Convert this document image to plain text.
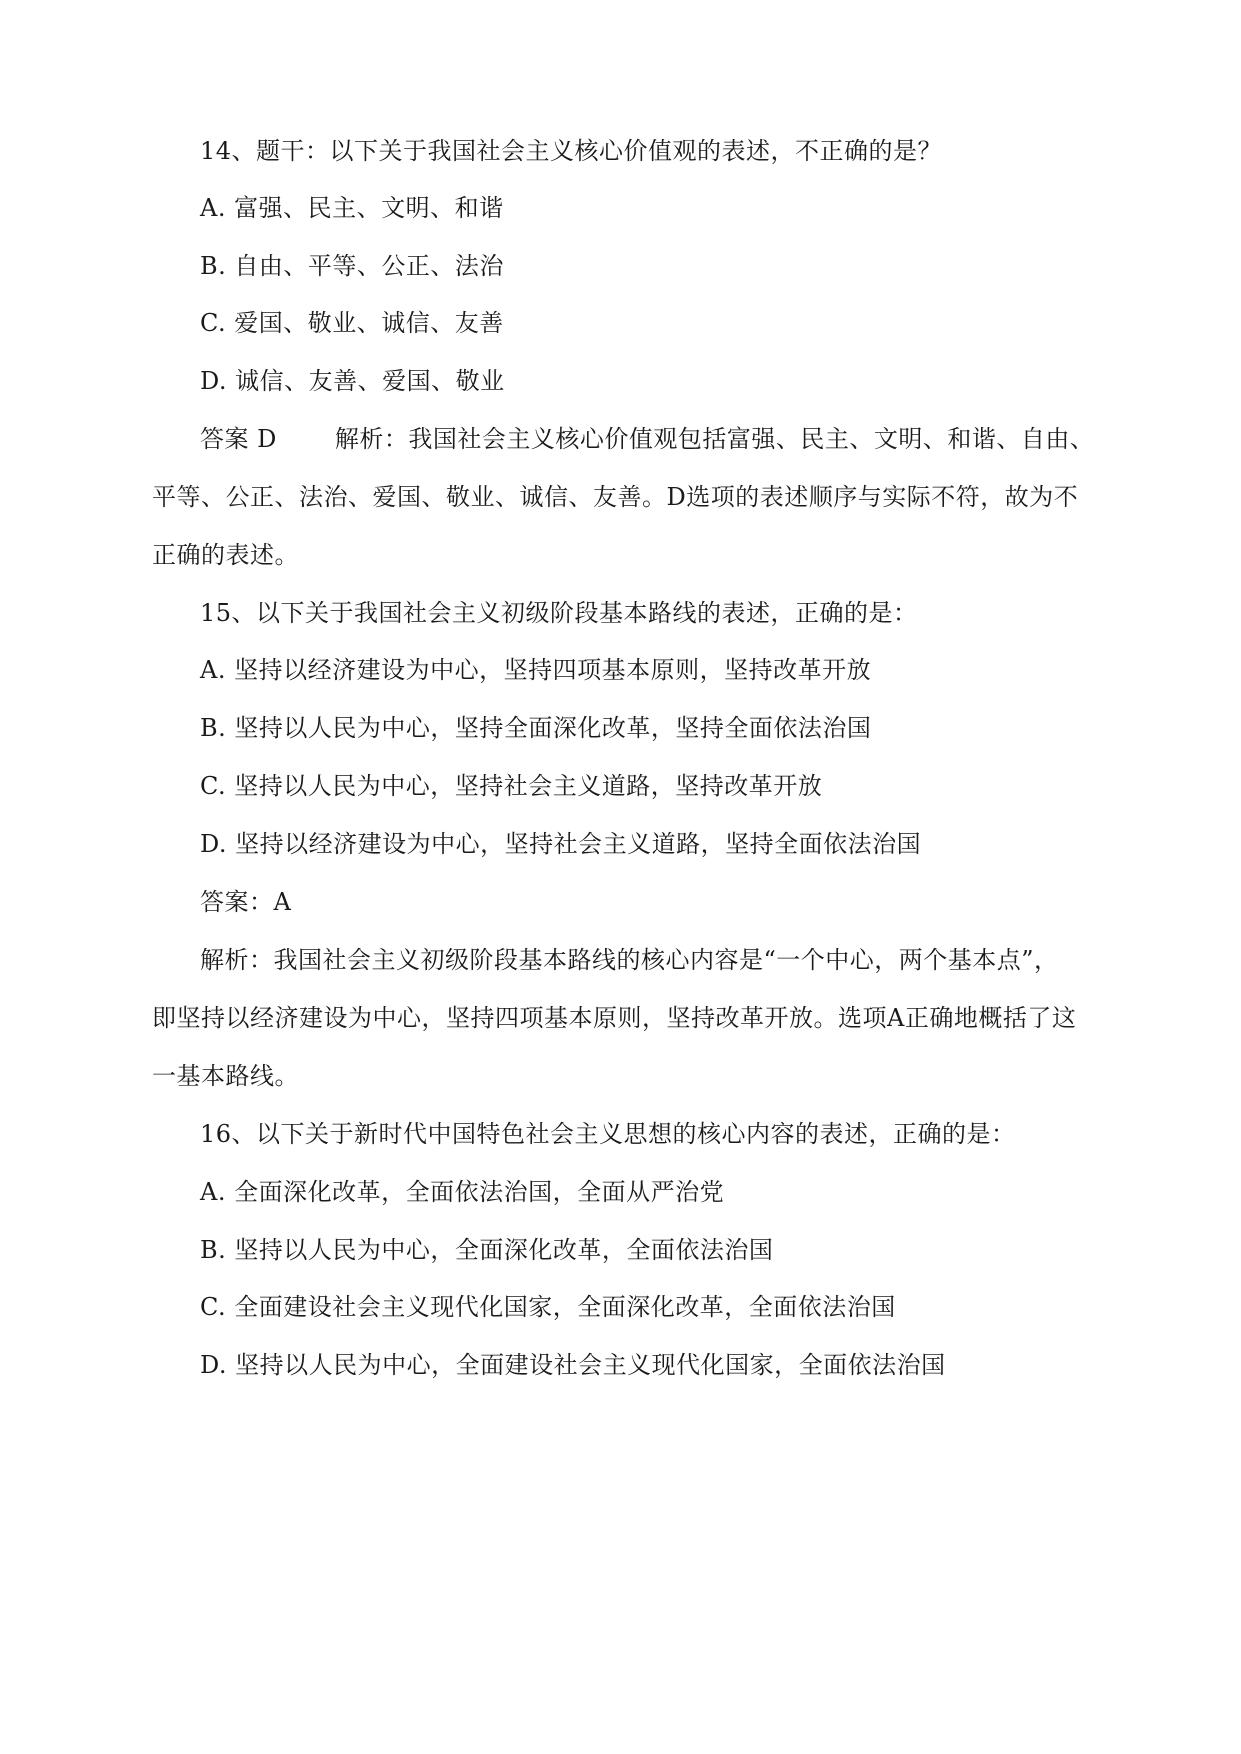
14、题干：以下关于我国社会主义核心价值观的表述，不正确的是？
A. 富强、民主、文明、和谐
B. 自由、平等、公正、法治
C. 爱国、敬业、诚信、友善
D. 诚信、友善、爱国、敬业
答案 D 解析：我国社会主义核心价值观包括富强、民主、文明、和谐、自由、
平等、公正、法治、爱国、敬业、诚信、友善。D选项的表述顺序与实际不符，故为不
正确的表述。
15、以下关于我国社会主义初级阶段基本路线的表述，正确的是：
A. 坚持以经济建设为中心，坚持四项基本原则，坚持改革开放
B. 坚持以人民为中心，坚持全面深化改革，坚持全面依法治国
C. 坚持以人民为中心，坚持社会主义道路，坚持改革开放
D. 坚持以经济建设为中心，坚持社会主义道路，坚持全面依法治国
答案：A
解析：我国社会主义初级阶段基本路线的核心内容是“一个中心，两个基本点”，
即坚持以经济建设为中心，坚持四项基本原则，坚持改革开放。选项A正确地概括了这
一基本路线。
16、以下关于新时代中国特色社会主义思想的核心内容的表述，正确的是：
A. 全面深化改革，全面依法治国，全面从严治党
B. 坚持以人民为中心，全面深化改革，全面依法治国
C. 全面建设社会主义现代化国家，全面深化改革，全面依法治国
D. 坚持以人民为中心，全面建设社会主义现代化国家，全面依法治国
